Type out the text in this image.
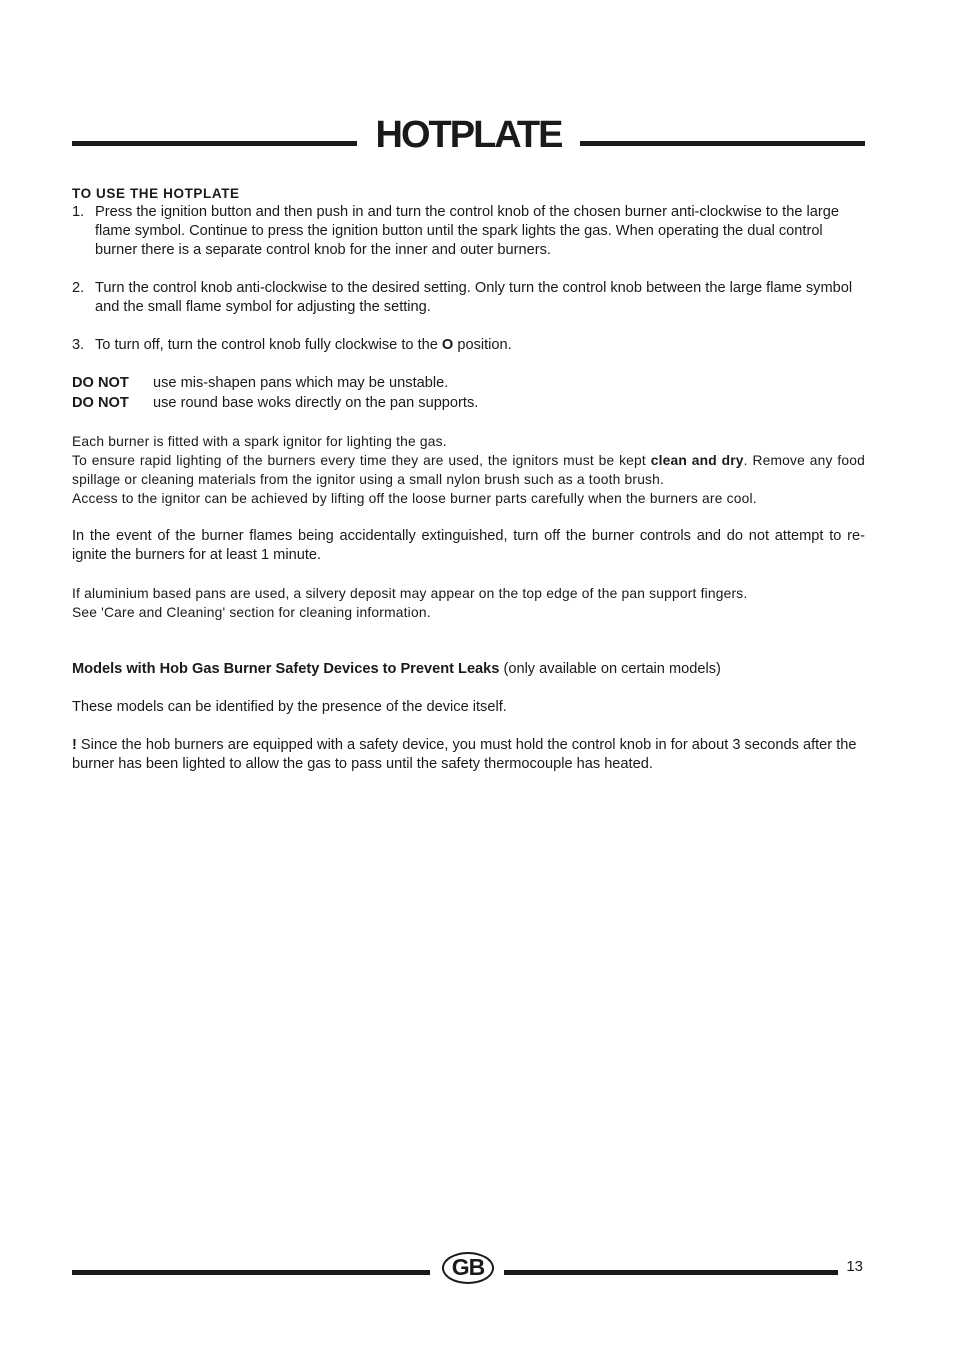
HOTPLATE
TO USE THE HOTPLATE
1. Press the ignition button and then push in and turn the control knob of the chosen burner anti-clockwise to the large flame symbol. Continue to press the ignition button until the spark lights the gas. When operating the dual control burner there is a separate control knob for the inner and outer burners.
2. Turn the control knob anti-clockwise to the desired setting. Only turn the control knob between the large flame symbol and the small flame symbol for adjusting the setting.
3. To turn off, turn the control knob fully clockwise to the O position.
DO NOT	use mis-shapen pans which may be unstable.
DO NOT	use round base woks directly on the pan supports.

Each burner is fitted with a spark ignitor for lighting the gas.

To ensure rapid lighting of the burners every time they are used, the ignitors must be kept clean and dry. Remove any food spillage or cleaning materials from the ignitor using a small nylon brush such as a tooth brush.

Access to the ignitor can be achieved by lifting off the loose burner parts carefully when the burners are cool.

In the event of the burner flames being accidentally extinguished, turn off the burner controls and do not attempt to re-ignite the burners for at least 1 minute.

If aluminium based pans are used, a silvery deposit may appear on the top edge of the pan support fingers.

See 'Care and Cleaning' section for cleaning information.

Models with Hob Gas Burner Safety Devices to Prevent Leaks (only available on certain models)

These models can be identified by the presence of the device itself.

! Since the hob burners are equipped with a safety device, you must hold the control knob in for about 3 seconds after the burner has been lighted to allow the gas to pass until the safety thermocouple has heated.

GB	13
